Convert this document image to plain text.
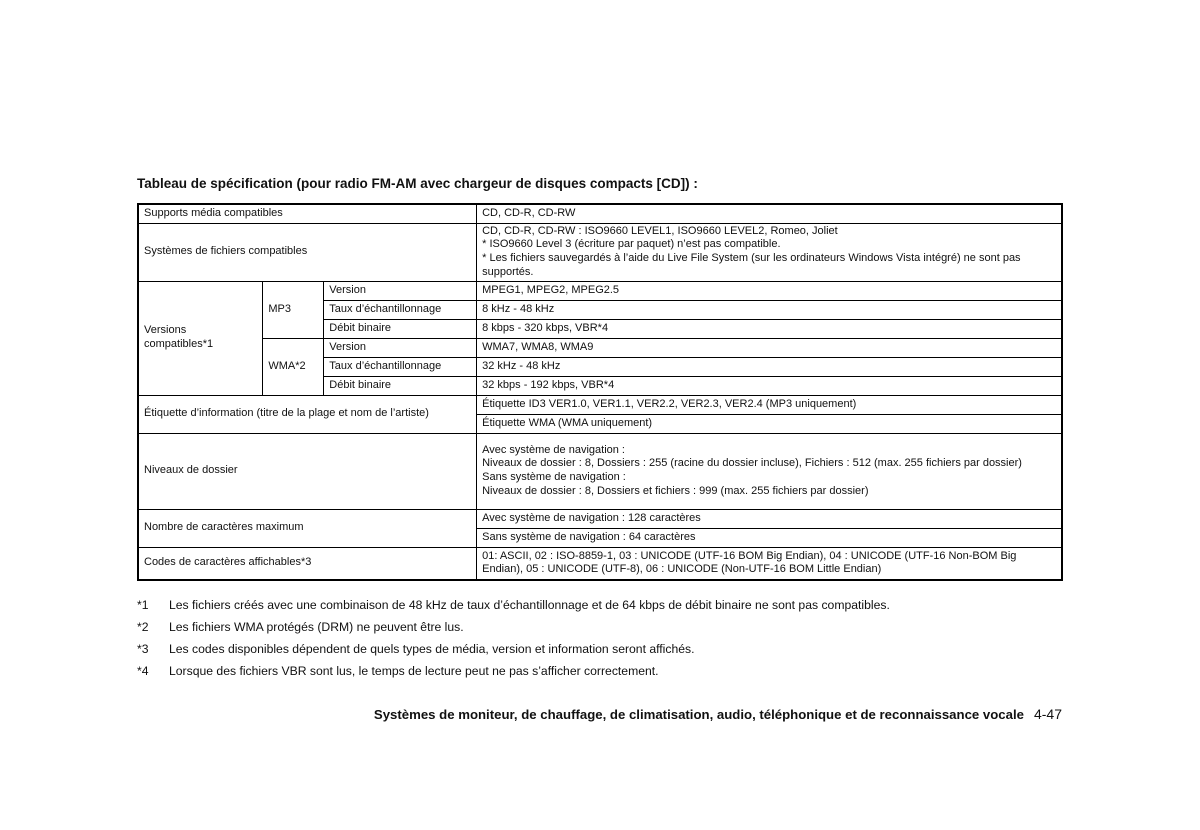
Tableau de spécification (pour radio FM-AM avec chargeur de disques compacts [CD]) :
Supports média compatibles			CD, CD-R, CD-RW
Systèmes de fichiers compatibles			CD, CD-R, CD-RW : ISO9660 LEVEL1, ISO9660 LEVEL2, Romeo, Joliet
* ISO9660 Level 3 (écriture par paquet) n’est pas compatible.
* Les fichiers sauvegardés à l’aide du Live File System (sur les ordinateurs Windows Vista intégré) ne sont pas supportés.

Versions
compatibles*1	MP3	Version	MPEG1, MPEG2, MPEG2.5
		Taux d’échantillonnage	8 kHz - 48 kHz
		Débit binaire	8 kbps - 320 kbps, VBR*4
	WMA*2	Version	WMA7, WMA8, WMA9
		Taux d’échantillonnage	32 kHz - 48 kHz
		Débit binaire	32 kbps - 192 kbps, VBR*4
Étiquette d’information (titre de la plage et nom de l’artiste)			Étiquette ID3 VER1.0, VER1.1, VER2.2, VER2.3, VER2.4 (MP3 uniquement)
			Étiquette WMA (WMA uniquement)
Niveaux de dossier			Avec système de navigation :
Niveaux de dossier : 8, Dossiers : 255 (racine du dossier incluse), Fichiers : 512 (max. 255 fichiers par dossier)
Sans système de navigation :
Niveaux de dossier : 8, Dossiers et fichiers : 999 (max. 255 fichiers par dossier)

Nombre de caractères maximum			Avec système de navigation : 128 caractères
			Sans système de navigation : 64 caractères
Codes de caractères affichables*3			01: ASCII, 02 : ISO-8859-1, 03 : UNICODE (UTF-16 BOM Big Endian), 04 : UNICODE (UTF-16 Non-BOM Big Endian), 05 : UNICODE (UTF-8), 06 : UNICODE (Non-UTF-16 BOM Little Endian)
*1	Les fichiers créés avec une combinaison de 48 kHz de taux d’échantillonnage et de 64 kbps de débit binaire ne sont pas compatibles.
*2	Les fichiers WMA protégés (DRM) ne peuvent être lus.
*3	Les codes disponibles dépendent de quels types de média, version et information seront affichés.
*4	Lorsque des fichiers VBR sont lus, le temps de lecture peut ne pas s’afficher correctement.
Systèmes de moniteur, de chauffage, de climatisation, audio, téléphonique et de reconnaissance vocale 4-47
